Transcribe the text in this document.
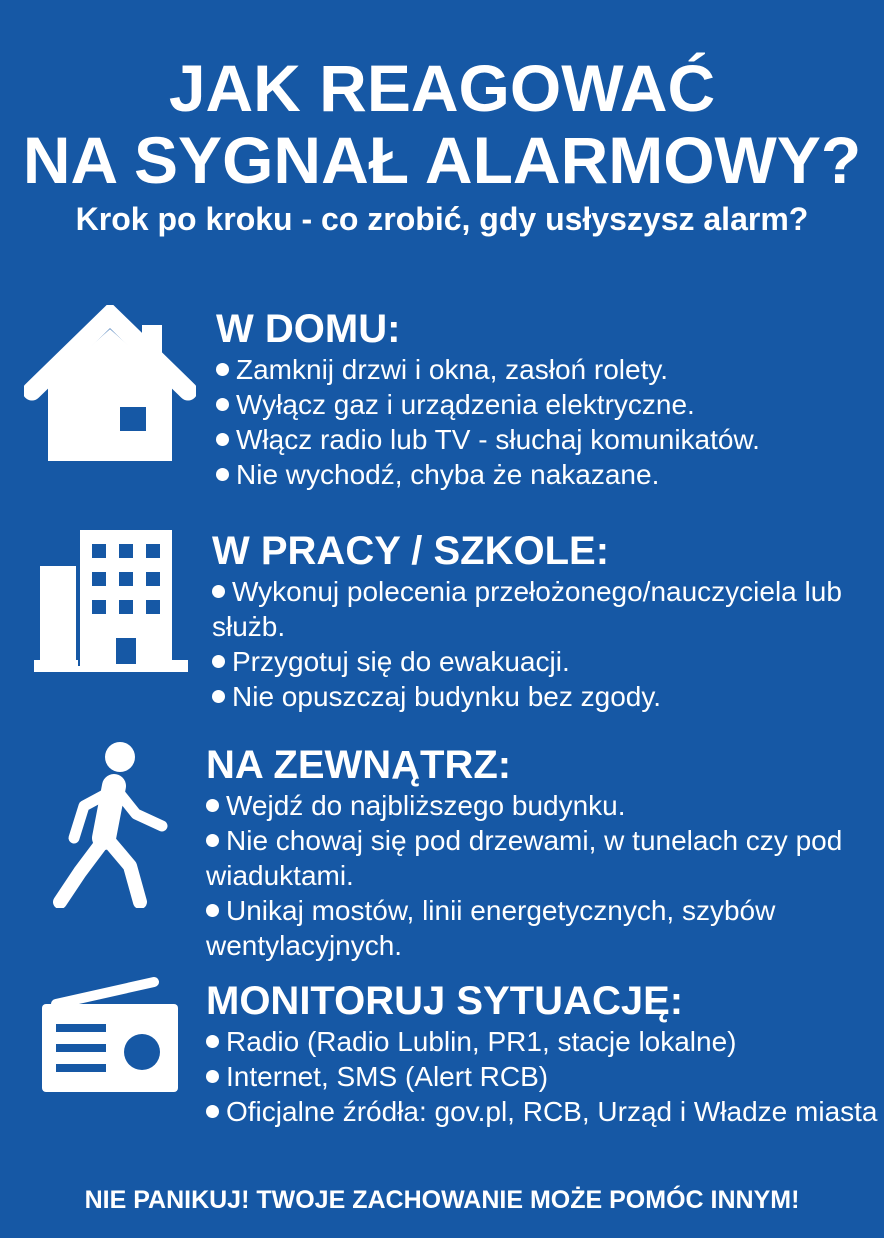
JAK REAGOWAĆ
NA SYGNAŁ ALARMOWY?
Krok po kroku - co zrobić, gdy usłyszysz alarm?
W DOMU:
Zamknij drzwi i okna, zasłoń rolety.
Wyłącz gaz i urządzenia elektryczne.
Włącz radio lub TV - słuchaj komunikatów.
Nie wychodź, chyba że nakazane.
W PRACY / SZKOLE:
Wykonuj polecenia przełożonego/nauczyciela lub służb.
Przygotuj się do ewakuacji.
Nie opuszczaj budynku bez zgody.
NA ZEWNĄTRZ:
Wejdź do najbliższego budynku.
Nie chowaj się pod drzewami, w tunelach czy pod wiaduktami.
Unikaj mostów, linii energetycznych, szybów wentylacyjnych.
MONITORUJ SYTUACJĘ:
Radio (Radio Lublin, PR1, stacje lokalne)
Internet, SMS (Alert RCB)
Oficjalne źródła: gov.pl, RCB, Urząd i Władze miasta
NIE PANIKUJ! TWOJE ZACHOWANIE MOŻE POMÓC INNYM!
